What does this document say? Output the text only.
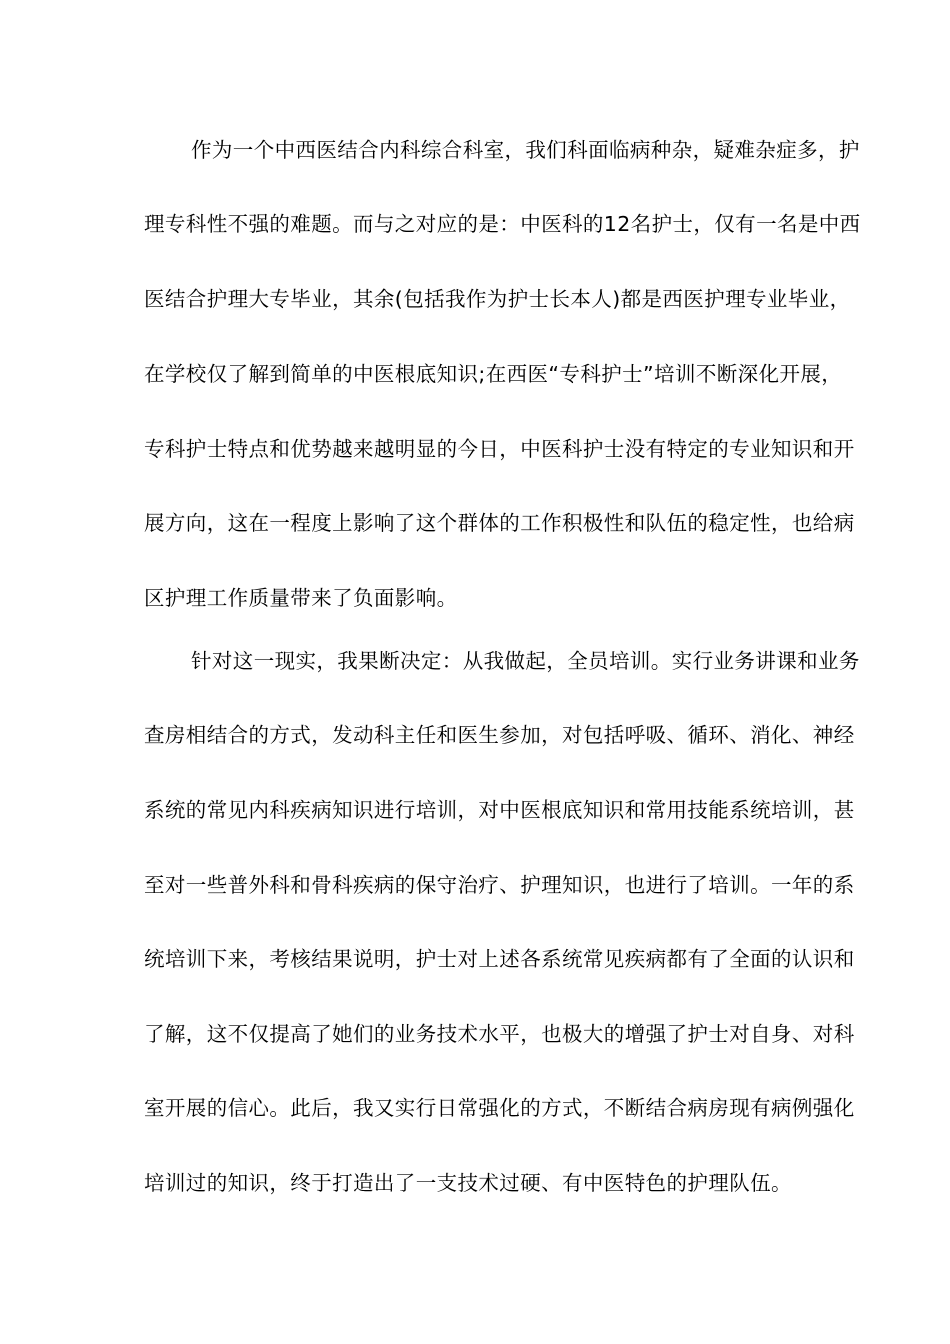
作为一个中西医结合内科综合科室，我们科面临病种杂，疑难杂症多，护
理专科性不强的难题。而与之对应的是：中医科的12名护士，仅有一名是中西
医结合护理大专毕业，其余(包括我作为护士长本人)都是西医护理专业毕业，
在学校仅了解到简单的中医根底知识;在西医“专科护士”培训不断深化开展，
专科护士特点和优势越来越明显的今日，中医科护士没有特定的专业知识和开
展方向，这在一程度上影响了这个群体的工作积极性和队伍的稳定性，也给病
区护理工作质量带来了负面影响。
针对这一现实，我果断决定：从我做起，全员培训。实行业务讲课和业务
查房相结合的方式，发动科主任和医生参加，对包括呼吸、循环、消化、神经
系统的常见内科疾病知识进行培训，对中医根底知识和常用技能系统培训，甚
至对一些普外科和骨科疾病的保守治疗、护理知识，也进行了培训。一年的系
统培训下来，考核结果说明，护士对上述各系统常见疾病都有了全面的认识和
了解，这不仅提高了她们的业务技术水平，也极大的增强了护士对自身、对科
室开展的信心。此后，我又实行日常强化的方式，不断结合病房现有病例强化
培训过的知识，终于打造出了一支技术过硬、有中医特色的护理队伍。
